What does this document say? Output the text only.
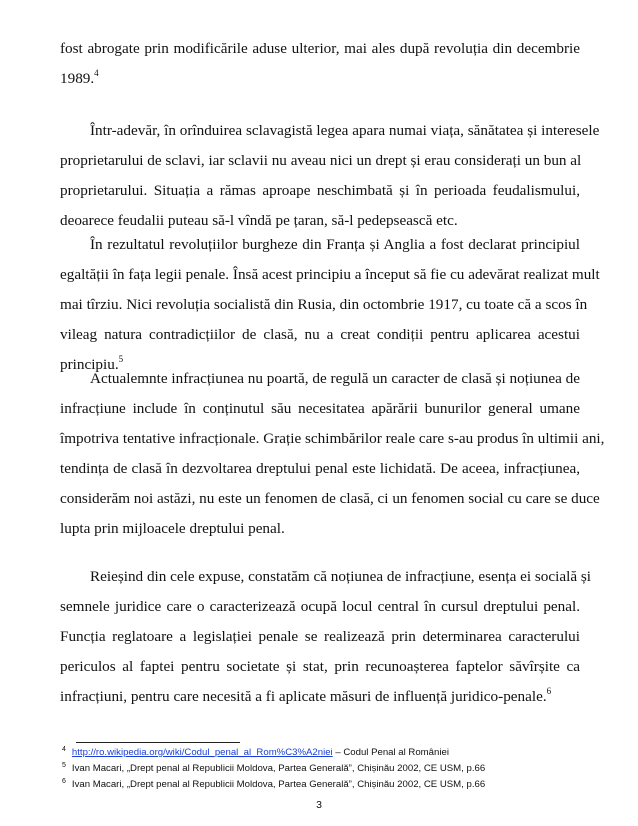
fost abrogate prin modificările aduse ulterior, mai ales după revoluția din decembrie
1989.$^4$
Într-adevăr, în orînduirea sclavagistă legea apara numai viața, sănătatea și interesele
proprietarului de sclavi, iar sclavii nu aveau nici un drept și erau considerați un bun al
proprietarului. Situația a rămas aproape neschimbată și în perioada feudalismului,
deoarece feudalii puteau să-l vîndă pe țaran, să-l pedepsească etc.
În rezultatul revoluțiilor burgheze din Franța și Anglia a fost declarat principiul
egaltății în fața legii penale. Însă acest principiu a început să fie cu adevărat realizat mult
mai tîrziu. Nici revoluția socialistă din Rusia, din octombrie 1917, cu toate că a scos în
vileag natura contradicțiilor de clasă, nu a creat condiții pentru aplicarea acestui
principiu.$^5$
Actualemnte infracțiunea nu poartă, de regulă un caracter de clasă și noțiunea de
infracțiune include în conținutul său necesitatea apărării bunurilor general umane
împotriva tentative infracționale. Grație schimbărilor reale care s-au produs în ultimii ani,
tendința de clasă în dezvoltarea dreptului penal este lichidată. De aceea, infracțiunea,
considerăm noi astăzi, nu este un fenomen de clasă, ci un fenomen social cu care se duce
lupta prin mijloacele dreptului penal.
Reieșind din cele expuse, constatăm că noțiunea de infracțiune, esența ei socială și
semnele juridice care o caracterizează ocupă locul central în cursul dreptului penal.
Funcția reglatoare a legislației penale se realizează prin determinarea caracterului
periculos al faptei pentru societate și stat, prin recunoașterea faptelor săvîrșite ca
infracțiuni, pentru care necesită a fi aplicate măsuri de influență juridico-penale.$^6$
$^4$ http://ro.wikipedia.org/wiki/Codul_penal_al_Rom%C3%A2niei – Codul Penal al României
$^5$ Ivan Macari, „Drept penal al Republicii Moldova, Partea Generală”, Chișinău 2002, CE USM, p.66
$^6$ Ivan Macari, „Drept penal al Republicii Moldova, Partea Generală”, Chișinău 2002, CE USM, p.66
3
